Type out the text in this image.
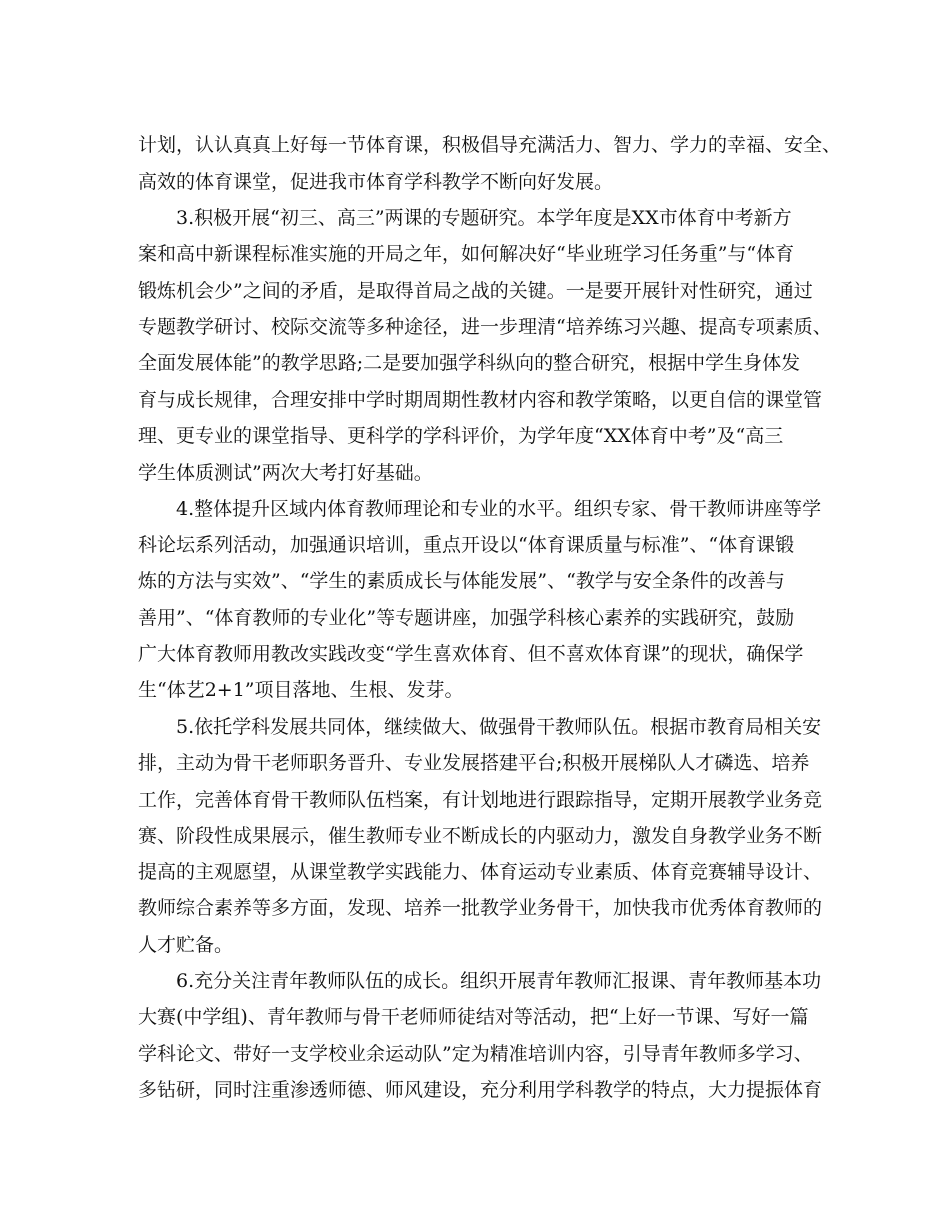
计划，认认真真上好每一节体育课，积极倡导充满活力、智力、学力的幸福、安全、
高效的体育课堂，促进我市体育学科教学不断向好发展。
3.积极开展“初三、高三”两课的专题研究。本学年度是XX市体育中考新方
案和高中新课程标准实施的开局之年，如何解决好“毕业班学习任务重”与“体育
锻炼机会少”之间的矛盾，是取得首局之战的关键。一是要开展针对性研究，通过
专题教学研讨、校际交流等多种途径，进一步理清“培养练习兴趣、提高专项素质、
全面发展体能”的教学思路;二是要加强学科纵向的整合研究，根据中学生身体发
育与成长规律，合理安排中学时期周期性教材内容和教学策略，以更自信的课堂管
理、更专业的课堂指导、更科学的学科评价，为学年度“XX体育中考”及“高三
学生体质测试”两次大考打好基础。
4.整体提升区域内体育教师理论和专业的水平。组织专家、骨干教师讲座等学
科论坛系列活动，加强通识培训，重点开设以“体育课质量与标准”、“体育课锻
炼的方法与实效”、“学生的素质成长与体能发展”、“教学与安全条件的改善与
善用”、“体育教师的专业化”等专题讲座，加强学科核心素养的实践研究，鼓励
广大体育教师用教改实践改变“学生喜欢体育、但不喜欢体育课”的现状，确保学
生“体艺2+1”项目落地、生根、发芽。
5.依托学科发展共同体，继续做大、做强骨干教师队伍。根据市教育局相关安
排，主动为骨干老师职务晋升、专业发展搭建平台;积极开展梯队人才磷选、培养
工作，完善体育骨干教师队伍档案，有计划地进行跟踪指导，定期开展教学业务竞
赛、阶段性成果展示，催生教师专业不断成长的内驱动力，激发自身教学业务不断
提高的主观愿望，从课堂教学实践能力、体育运动专业素质、体育竞赛辅导设计、
教师综合素养等多方面，发现、培养一批教学业务骨干，加快我市优秀体育教师的
人才贮备。
6.充分关注青年教师队伍的成长。组织开展青年教师汇报课、青年教师基本功
大赛(中学组)、青年教师与骨干老师师徒结对等活动，把“上好一节课、写好一篇
学科论文、带好一支学校业余运动队”定为精准培训内容，引导青年教师多学习、
多钻研，同时注重渗透师德、师风建设，充分利用学科教学的特点，大力提振体育
